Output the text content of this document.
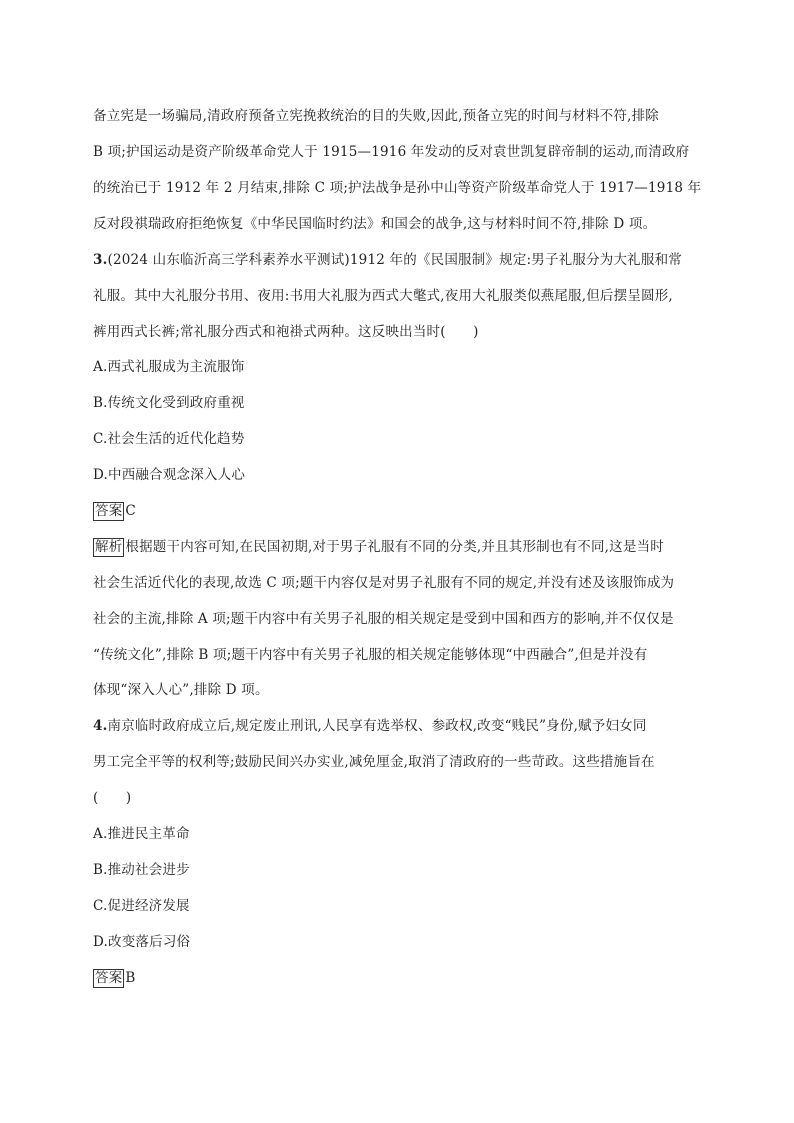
备立宪是一场骗局,清政府预备立宪挽救统治的目的失败,因此,预备立宪的时间与材料不符,排除
B 项;护国运动是资产阶级革命党人于 1915—1916 年发动的反对袁世凯复辟帝制的运动,而清政府
的统治已于 1912 年 2 月结束,排除 C 项;护法战争是孙中山等资产阶级革命党人于 1917—1918 年
反对段祺瑞政府拒绝恢复《中华民国临时约法》和国会的战争,这与材料时间不符,排除 D 项。
3.(2024 山东临沂高三学科素养水平测试)1912 年的《民国服制》规定:男子礼服分为大礼服和常
礼服。其中大礼服分书用、夜用:书用大礼服为西式大氅式,夜用大礼服类似燕尾服,但后摆呈圆形,
裤用西式长裤;常礼服分西式和袍褂式两种。这反映出当时(　　)
A.西式礼服成为主流服饰
B.传统文化受到政府重视
C.社会生活的近代化趋势
D.中西融合观念深入人心
答案 C
解析 根据题干内容可知,在民国初期,对于男子礼服有不同的分类,并且其形制也有不同,这是当时
社会生活近代化的表现,故选 C 项;题干内容仅是对男子礼服有不同的规定,并没有述及该服饰成为
社会的主流,排除 A 项;题干内容中有关男子礼服的相关规定是受到中国和西方的影响,并不仅仅是
“传统文化”,排除 B 项;题干内容中有关男子礼服的相关规定能够体现“中西融合”,但是并没有
体现“深入人心”,排除 D 项。
4.南京临时政府成立后,规定废止刑讯,人民享有选举权、参政权,改变“贱民”身份,赋予妇女同
男工完全平等的权利等;鼓励民间兴办实业,减免厘金,取消了清政府的一些苛政。这些措施旨在
(　　)
A.推进民主革命
B.推动社会进步
C.促进经济发展
D.改变落后习俗
答案 B
